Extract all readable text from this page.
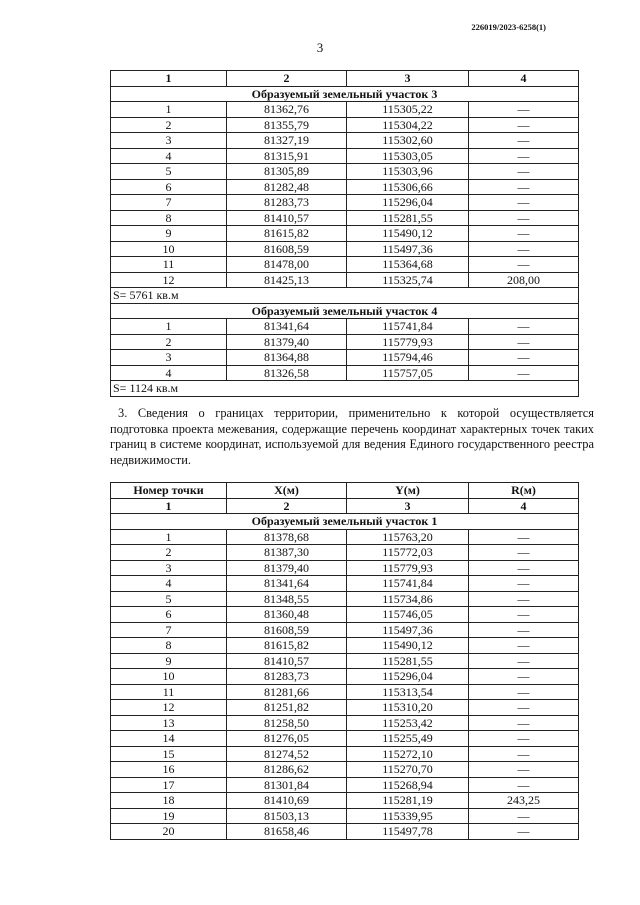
226019/2023-6258(1)
3
1	2	3	4
Образуемый земельный участок 3			
1	81362,76	115305,22	—
2	81355,79	115304,22	—
3	81327,19	115302,60	—
4	81315,91	115303,05	—
5	81305,89	115303,96	—
6	81282,48	115306,66	—
7	81283,73	115296,04	—
8	81410,57	115281,55	—
9	81615,82	115490,12	—
10	81608,59	115497,36	—
11	81478,00	115364,68	—
12	81425,13	115325,74	208,00
S= 5761 кв.м			
Образуемый земельный участок 4			
1	81341,64	115741,84	—
2	81379,40	115779,93	—
3	81364,88	115794,46	—
4	81326,58	115757,05	—
S= 1124 кв.м			
3. Сведения о границах территории, применительно к которой осуществляется подготовка проекта межевания, содержащие перечень координат характерных точек таких границ в системе координат, используемой для ведения Единого государственного реестра недвижимости.
Номер точки	X(м)	Y(м)	R(м)
1	2	3	4
Образуемый земельный участок 1			
1	81378,68	115763,20	—
2	81387,30	115772,03	—
3	81379,40	115779,93	—
4	81341,64	115741,84	—
5	81348,55	115734,86	—
6	81360,48	115746,05	—
7	81608,59	115497,36	—
8	81615,82	115490,12	—
9	81410,57	115281,55	—
10	81283,73	115296,04	—
11	81281,66	115313,54	—
12	81251,82	115310,20	—
13	81258,50	115253,42	—
14	81276,05	115255,49	—
15	81274,52	115272,10	—
16	81286,62	115270,70	—
17	81301,84	115268,94	—
18	81410,69	115281,19	243,25
19	81503,13	115339,95	—
20	81658,46	115497,78	—
